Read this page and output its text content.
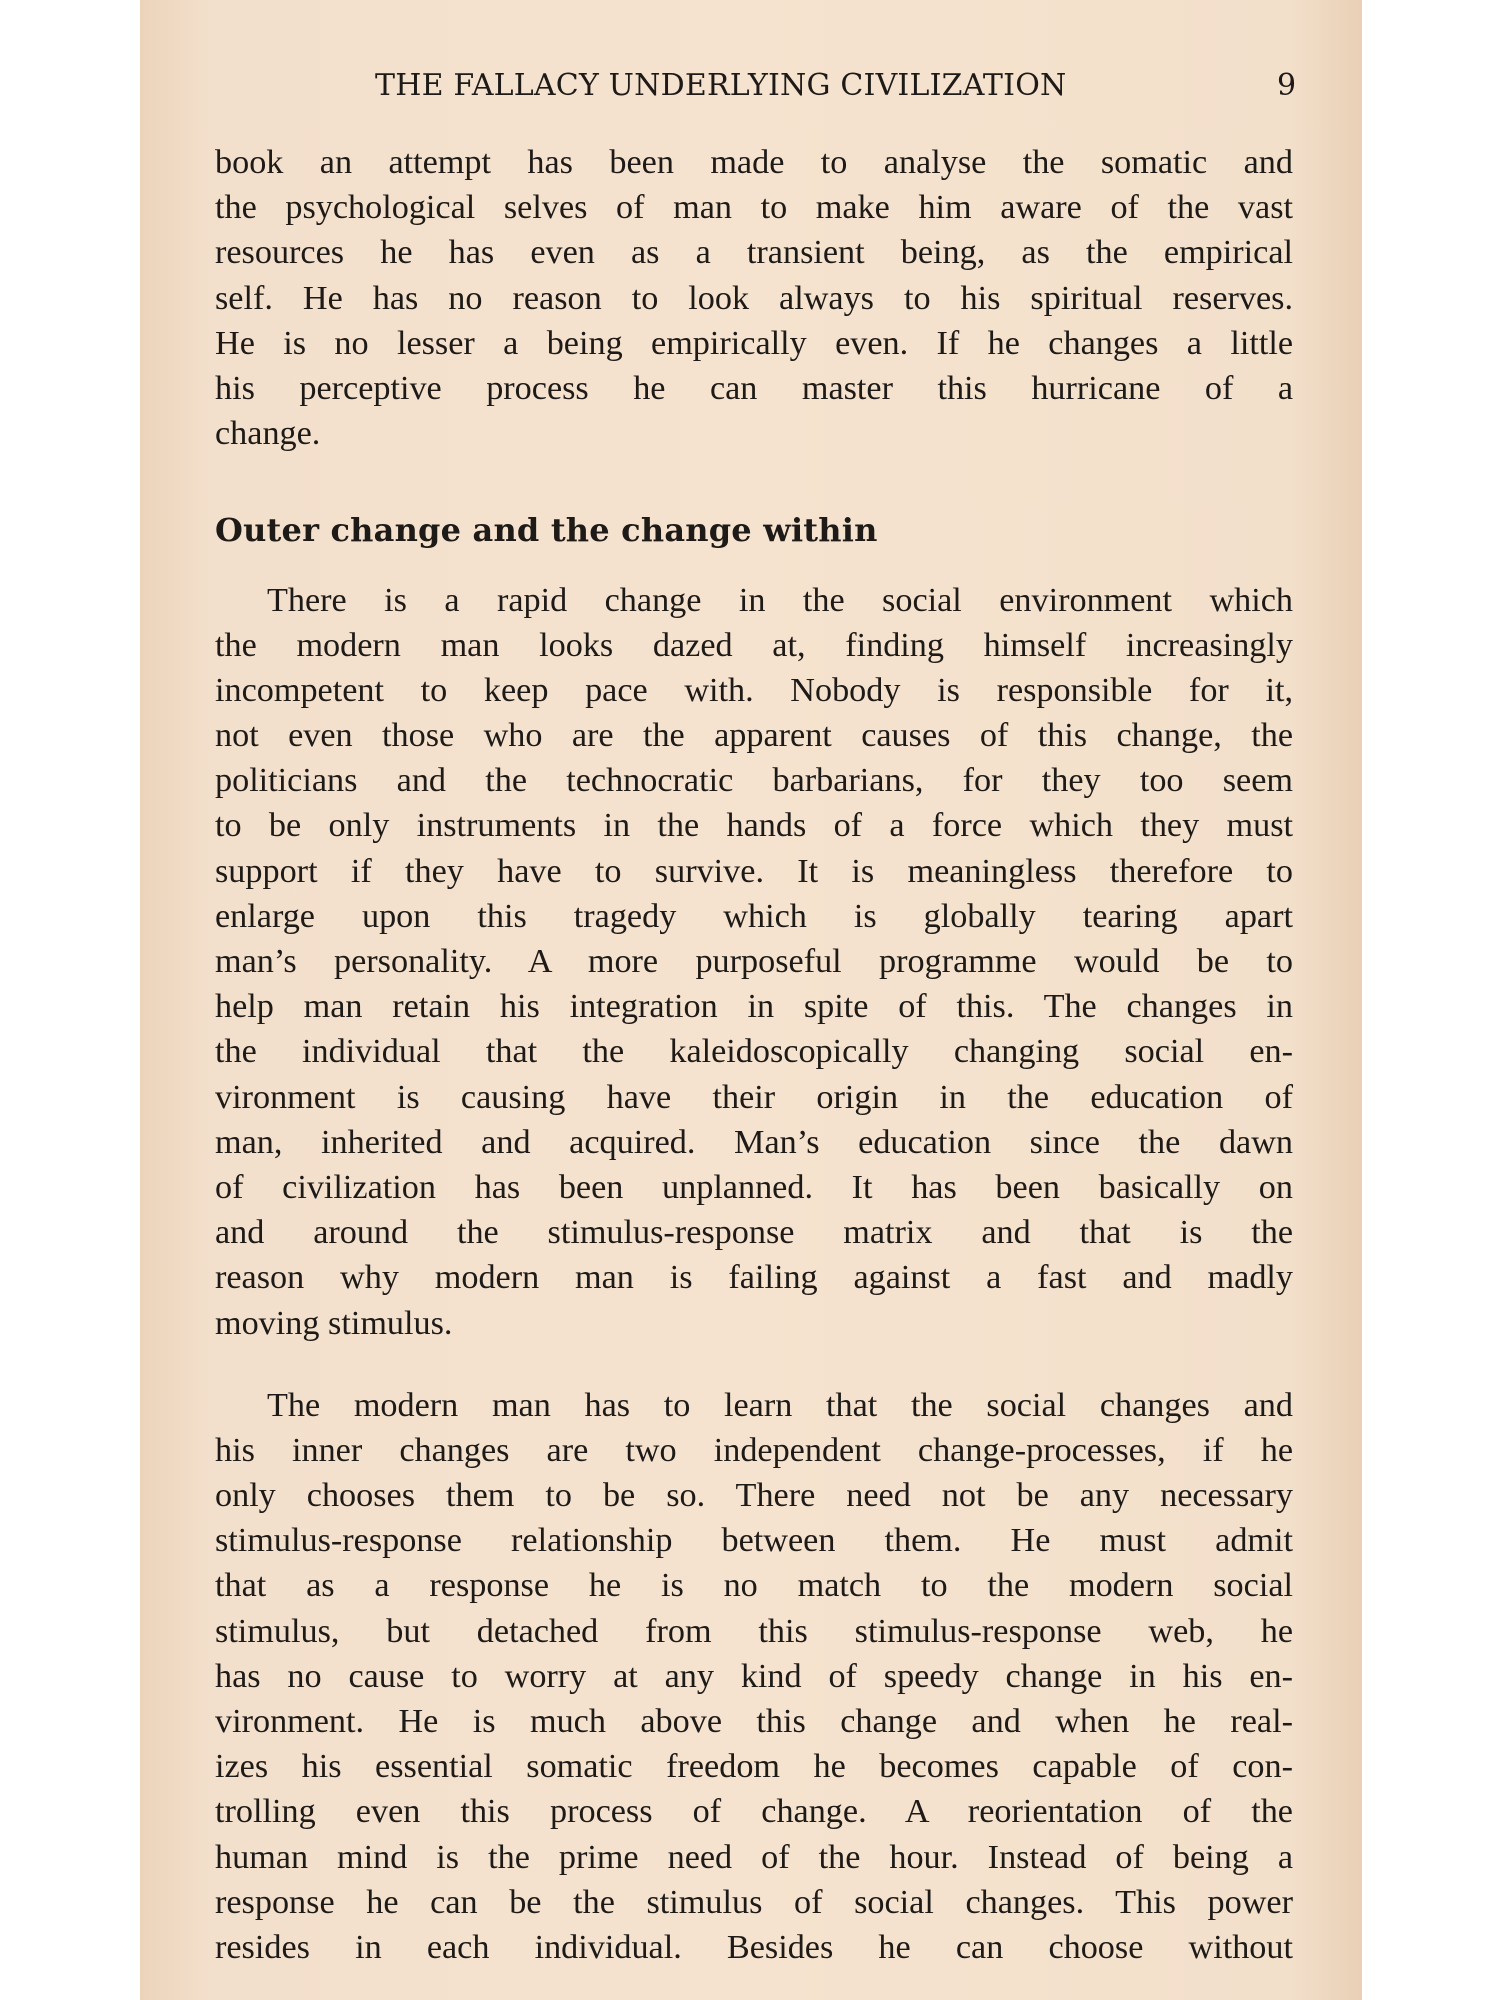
THE FALLACY UNDERLYING CIVILIZATION	9
book an attempt has been made to analyse the somatic and
the psychological selves of man to make him aware of the vast
resources he has even as a transient being, as the empirical
self. He has no reason to look always to his spiritual reserves.
He is no lesser a being empirically even. If he changes a little
his perceptive process he can master this hurricane of a
change.
Outer change and the change within
There is a rapid change in the social environment which
the modern man looks dazed at, finding himself increasingly
incompetent to keep pace with. Nobody is responsible for it,
not even those who are the apparent causes of this change, the
politicians and the technocratic barbarians, for they too seem
to be only instruments in the hands of a force which they must
support if they have to survive. It is meaningless therefore to
enlarge upon this tragedy which is globally tearing apart
man’s personality. A more purposeful programme would be to
help man retain his integration in spite of this. The changes in
the individual that the kaleidoscopically changing social en-
vironment is causing have their origin in the education of
man, inherited and acquired. Man’s education since the dawn
of civilization has been unplanned. It has been basically on
and around the stimulus-response matrix and that is the
reason why modern man is failing against a fast and madly
moving stimulus.
The modern man has to learn that the social changes and
his inner changes are two independent change-processes, if he
only chooses them to be so. There need not be any necessary
stimulus-response relationship between them. He must admit
that as a response he is no match to the modern social
stimulus, but detached from this stimulus-response web, he
has no cause to worry at any kind of speedy change in his en-
vironment. He is much above this change and when he real-
izes his essential somatic freedom he becomes capable of con-
trolling even this process of change. A reorientation of the
human mind is the prime need of the hour. Instead of being a
response he can be the stimulus of social changes. This power
resides in each individual. Besides he can choose without
